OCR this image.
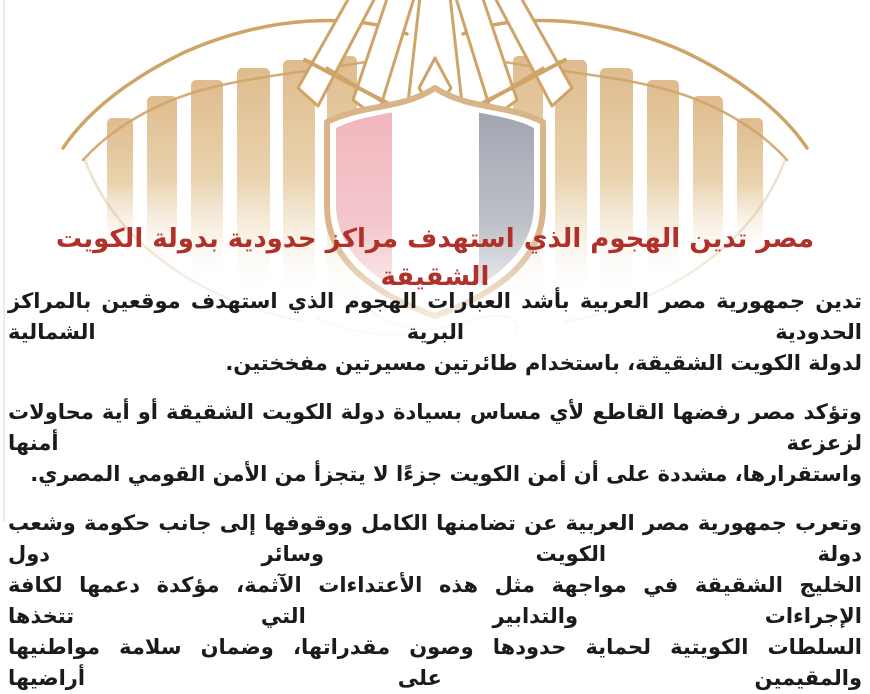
مصر تدين الهجوم الذي استهدف مراكز حدودية بدولة الكويت الشقيقة
تدين جمهورية مصر العربية بأشد العبارات الهجوم الذي استهدف موقعين بالمراكز الحدودية البرية الشمالية
لدولة الكويت الشقيقة، باستخدام طائرتين مسيرتين مفخختين.
وتؤكد مصر رفضها القاطع لأي مساس بسيادة دولة الكويت الشقيقة أو أية محاولات لزعزعة أمنها
واستقرارها، مشددة على أن أمن الكويت جزءًا لا يتجزأ من الأمن القومي المصري.
وتعرب جمهورية مصر العربية عن تضامنها الكامل ووقوفها إلى جانب حكومة وشعب دولة الكويت وسائر دول
الخليج الشقيقة في مواجهة مثل هذه الأعتداءات الآثمة، مؤكدة دعمها لكافة الإجراءات والتدابير التي تتخذها
السلطات الكويتية لحماية حدودها وصون مقدراتها، وضمان سلامة مواطنيها والمقيمين على أراضيها
